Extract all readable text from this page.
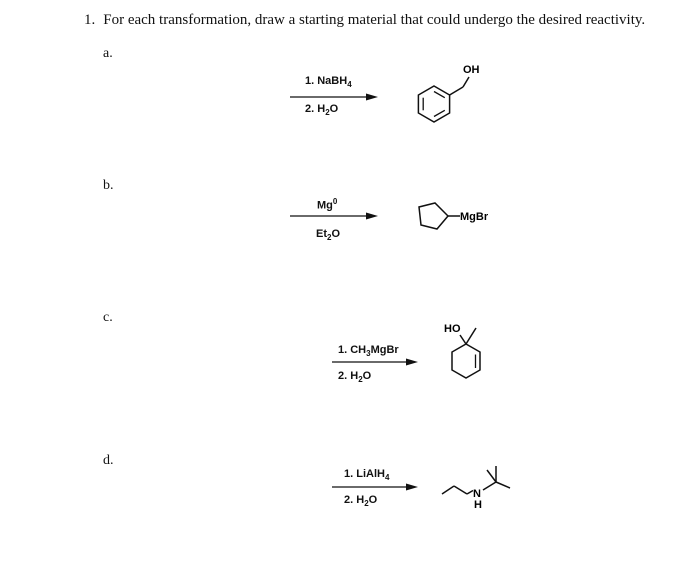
1. For each transformation, draw a starting material that could undergo the desired reactivity.
a.
1. NaBH$_4$
2. $H_2O$
OH
b.
Mg$^0$
$Et_2O$
MgBr
c.
1. $CH_3MgBr$
2. $H_2O$
HO
d.
1. LiAlH$_4$
2. $H_2O$	N
H
